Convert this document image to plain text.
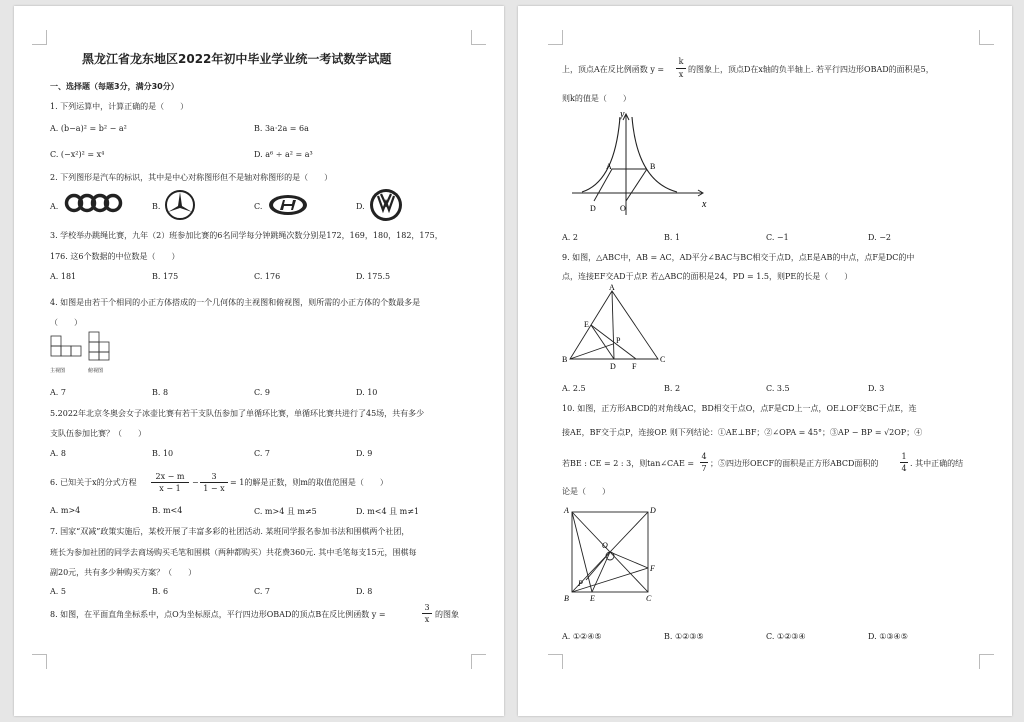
黑龙江省龙东地区2022年初中毕业学业统一考试数学试题
一、选择题（每题3分，满分30分）
1. 下列运算中，计算正确的是（　　）
A. (b−a)² = b² − a²	B. 3a·2a = 6a
C. (−x²)² = x⁴	D. a⁶ ÷ a² = a³
2. 下列图形是汽车的标识，其中是中心对称图形但不是轴对称图形的是（　　）
A.	B.	C.	D.
3. 学校举办跳绳比赛，九年（2）班参加比赛的6名同学每分钟跳绳次数分别是172，169，180，182，175，
176. 这6个数据的中位数是（　　）
A. 181	B. 175	C. 176	D. 175.5
4. 如图是由若干个相同的小正方体搭成的一个几何体的主视图和俯视图，则所需的小正方体的个数最多是
（　　）
主视图	俯视图
A. 7	B. 8	C. 9	D. 10
5.2022年北京冬奥会女子冰壶比赛有若干支队伍参加了单循环比赛，单循环比赛共进行了45场，共有多少
支队伍参加比赛？（　　）
A. 8	B. 10	C. 7	D. 9
6. 已知关于x的分式方程
2x − m
x − 1
−
3
1 − x
= 1的解是正数，则m的取值范围是（　　）
A. m>4	B. m<4	C. m>4 且 m≠5	D. m<4 且 m≠1
7. 国家“双减”政策实施后，某校开展了丰富多彩的社团活动. 某班同学报名参加书法和围棋两个社团，
班长为参加社团的同学去商场购买毛笔和围棋（两种都购买）共花费360元. 其中毛笔每支15元，围棋每
副20元，共有多少种购买方案？（　　）
A. 5	B. 6	C. 7	D. 8
8. 如图，在平面直角坐标系中，点O为坐标原点，平行四边形OBAD的顶点B在反比例函数 y =
3
x
的图象
上，顶点A在反比例函数 y =
k
x
的图象上，顶点D在x轴的负半轴上. 若平行四边形OBAD的面积是5，
则k的值是（　　）
y
x
A	B
D	O
A. 2	B. 1	C. −1	D. −2
9. 如图，△ABC中，AB = AC，AD平分∠BAC与BC相交于点D，点E是AB的中点，点F是DC的中
点，连接EF交AD于点P. 若△ABC的面积是24，PD = 1.5，则PE的长是（　　）
A
B	C
D
E
F
P
A. 2.5	B. 2	C. 3.5	D. 3
10. 如图，正方形ABCD的对角线AC，BD相交于点O，点F是CD上一点，OE⊥OF交BC于点E，连
接AE，BF交于点P，连接OP. 则下列结论：①AE⊥BF；②∠OPA = 45°；③AP − BP = √2OP；④
若BE : CE = 2 : 3，则tan∠CAE =
4
7
；⑤四边形OECF的面积是正方形ABCD面积的
1
4
. 其中正确的结
论是（　　）
A	D
B	C
O
E
F
P
A. ①②④⑤	B. ①②③⑤	C. ①②③④	D. ①③④⑤
